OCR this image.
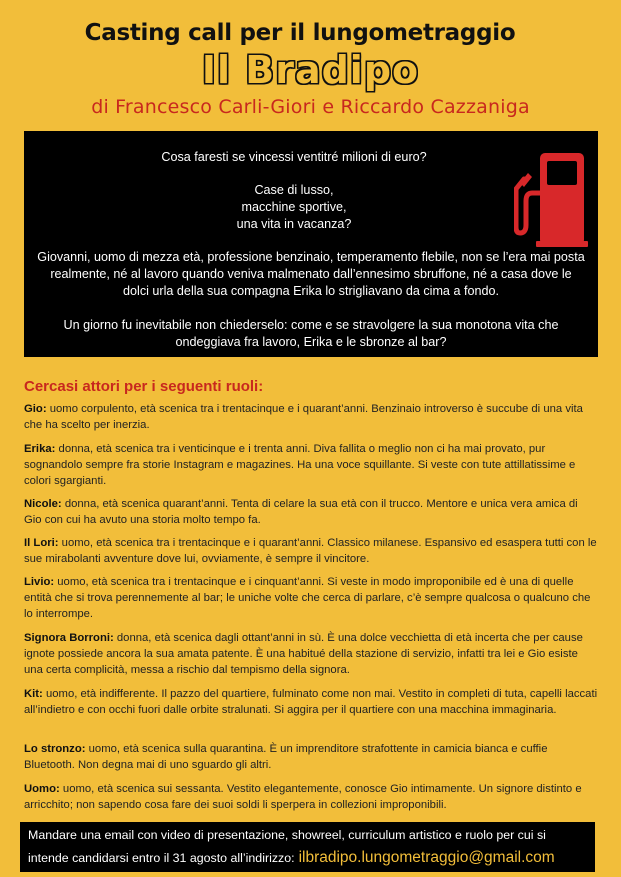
Casting call per il lungometraggio
Il Bradipo
di Francesco Carli-Giori e Riccardo Cazzaniga
Cosa faresti se vincessi ventitré milioni di euro?
Case di lusso,
macchine sportive,
una vita in vacanza?
Giovanni, uomo di mezza età, professione benzinaio, temperamento flebile, non se l’era mai posta
realmente, né al lavoro quando veniva malmenato dall’ennesimo sbruffone, né a casa dove le
dolci urla della sua compagna Erika lo strigliavano da cima a fondo.
Un giorno fu inevitabile non chiederselo: come e se stravolgere la sua monotona vita che
ondeggiava fra lavoro, Erika e le sbronze al bar?
Cercasi attori per i seguenti ruoli:
Gio: uomo corpulento, età scenica tra i trentacinque e i quarant’anni. Benzinaio introverso è succube di una vita che ha scelto per inerzia.
Erika: donna, età scenica tra i venticinque e i trenta anni. Diva fallita o meglio non ci ha mai provato, pur sognandolo sempre fra storie Instagram e magazines. Ha una voce squillante. Si veste con tute attillatissime e colori sgargianti.
Nicole: donna, età scenica quarant’anni. Tenta di celare la sua età con il trucco. Mentore e unica vera amica di Gio con cui ha avuto una storia molto tempo fa.
Il Lori: uomo, età scenica tra i trentacinque e i quarant’anni. Classico milanese. Espansivo ed esaspera tutti con le sue mirabolanti avventure dove lui, ovviamente, è sempre il vincitore.
Livio: uomo, età scenica tra i trentacinque e i cinquant’anni. Si veste in modo improponibile ed è una di quelle entità che si trova perennemente al bar; le uniche volte che cerca di parlare, c’è sempre qualcosa o qualcuno che lo interrompe.
Signora Borroni: donna, età scenica dagli ottant’anni in sù. È una dolce vecchietta di età incerta che per cause ignote possiede ancora la sua amata patente. È una habitué della stazione di servizio, infatti tra lei e Gio esiste una certa complicità, messa a rischio dal tempismo della signora.
Kit: uomo, età indifferente. Il pazzo del quartiere, fulminato come non mai. Vestito in completi di tuta, capelli laccati all’indietro e con occhi fuori dalle orbite stralunati. Si aggira per il quartiere con una macchina immaginaria.
Lo stronzo: uomo, età scenica sulla quarantina. È un imprenditore strafottente in camicia bianca e cuffie Bluetooth. Non degna mai di uno sguardo gli altri.
Uomo: uomo, età scenica sui sessanta. Vestito elegantemente, conosce Gio intimamente. Un signore distinto e arricchito; non sapendo cosa fare dei suoi soldi li sperpera in collezioni improponibili.
Mandare una email con video di presentazione, showreel, curriculum artistico e ruolo per cui si
intende candidarsi entro il 31 agosto all’indirizzo: ilbradipo.lungometraggio@gmail.com
